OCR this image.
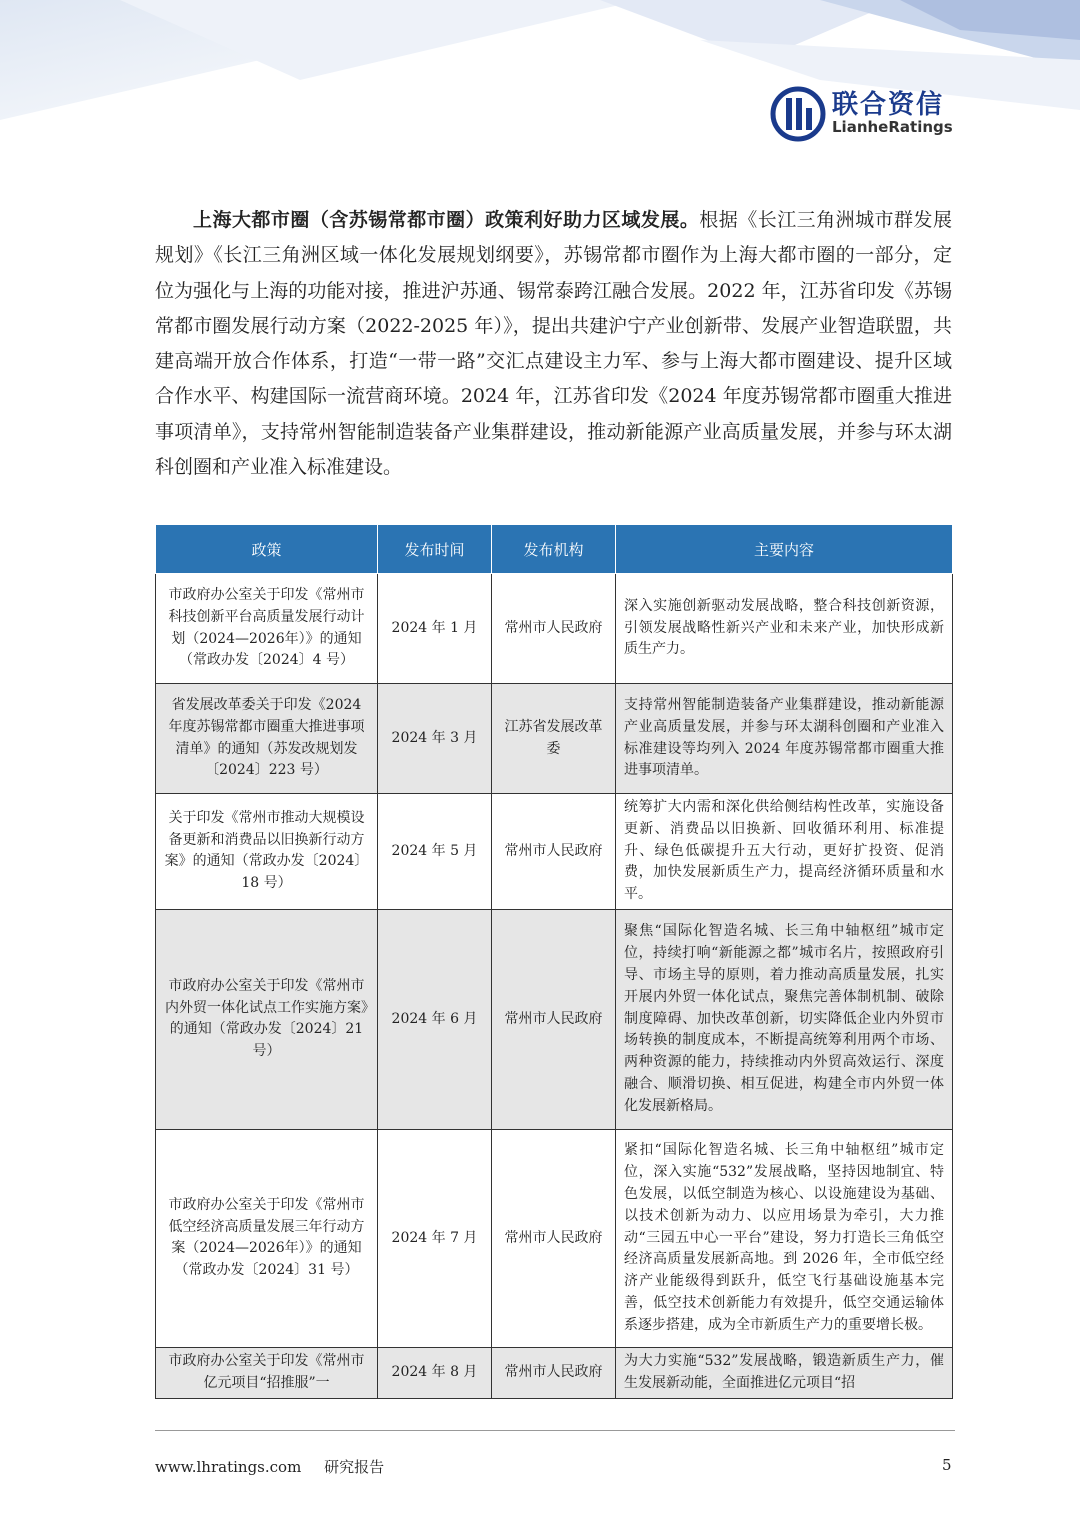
联合资信
LianheRatings

上海大都市圈（含苏锡常都市圈）政策利好助力区域发展。根据《长江三角洲城市群发展规划》《长江三角洲区域一体化发展规划纲要》，苏锡常都市圈作为上海大都市圈的一部分，定位为强化与上海的功能对接，推进沪苏通、锡常泰跨江融合发展。2022 年，江苏省印发《苏锡常都市圈发展行动方案（2022-2025 年）》，提出共建沪宁产业创新带、发展产业智造联盟，共建高端开放合作体系，打造“一带一路”交汇点建设主力军、参与上海大都市圈建设、提升区域合作水平、构建国际一流营商环境。2024 年，江苏省印发《2024 年度苏锡常都市圈重大推进事项清单》，支持常州智能制造装备产业集群建设，推动新能源产业高质量发展，并参与环太湖科创圈和产业准入标准建设。

政策	发布时间	发布机构	主要内容
市政府办公室关于印发《常州市科技创新平台高质量发展行动计划（2024—2026年）》的通知（常政办发〔2024〕4 号）	2024 年 1 月	常州市人民政府	深入实施创新驱动发展战略，整合科技创新资源，引领发展战略性新兴产业和未来产业，加快形成新质生产力。
省发展改革委关于印发《2024 年度苏锡常都市圈重大推进事项清单》的通知（苏发改规划发〔2024〕223 号）	2024 年 3 月	江苏省发展改革委	支持常州智能制造装备产业集群建设，推动新能源产业高质量发展，并参与环太湖科创圈和产业准入标准建设等均列入 2024 年度苏锡常都市圈重大推进事项清单。
关于印发《常州市推动大规模设备更新和消费品以旧换新行动方案》的通知（常政办发〔2024〕18 号）	2024 年 5 月	常州市人民政府	统筹扩大内需和深化供给侧结构性改革，实施设备更新、消费品以旧换新、回收循环利用、标准提升、绿色低碳提升五大行动，更好扩投资、促消费，加快发展新质生产力，提高经济循环质量和水平。
市政府办公室关于印发《常州市内外贸一体化试点工作实施方案》的通知（常政办发〔2024〕21 号）	2024 年 6 月	常州市人民政府	聚焦“国际化智造名城、长三角中轴枢纽”城市定位，持续打响“新能源之都”城市名片，按照政府引导、市场主导的原则，着力推动高质量发展，扎实开展内外贸一体化试点，聚焦完善体制机制、破除制度障碍、加快改革创新，切实降低企业内外贸市场转换的制度成本，不断提高统筹利用两个市场、两种资源的能力，持续推动内外贸高效运行、深度融合、顺滑切换、相互促进，构建全市内外贸一体化发展新格局。
市政府办公室关于印发《常州市低空经济高质量发展三年行动方案（2024—2026年）》的通知（常政办发〔2024〕31 号）	2024 年 7 月	常州市人民政府	紧扣“国际化智造名城、长三角中轴枢纽”城市定位，深入实施“532”发展战略，坚持因地制宜、特色发展，以低空制造为核心、以设施建设为基础、以技术创新为动力、以应用场景为牵引，大力推动“三园五中心一平台”建设，努力打造长三角低空经济高质量发展新高地。到 2026 年，全市低空经济产业能级得到跃升，低空飞行基础设施基本完善，低空技术创新能力有效提升，低空交通运输体系逐步搭建，成为全市新质生产力的重要增长极。
市政府办公室关于印发《常州市亿元项目“招推服”一	2024 年 8 月	常州市人民政府	为大力实施“532”发展战略，锻造新质生产力，催生发展新动能，全面推进亿元项目“招
www.lhratings.com 研究报告	5
